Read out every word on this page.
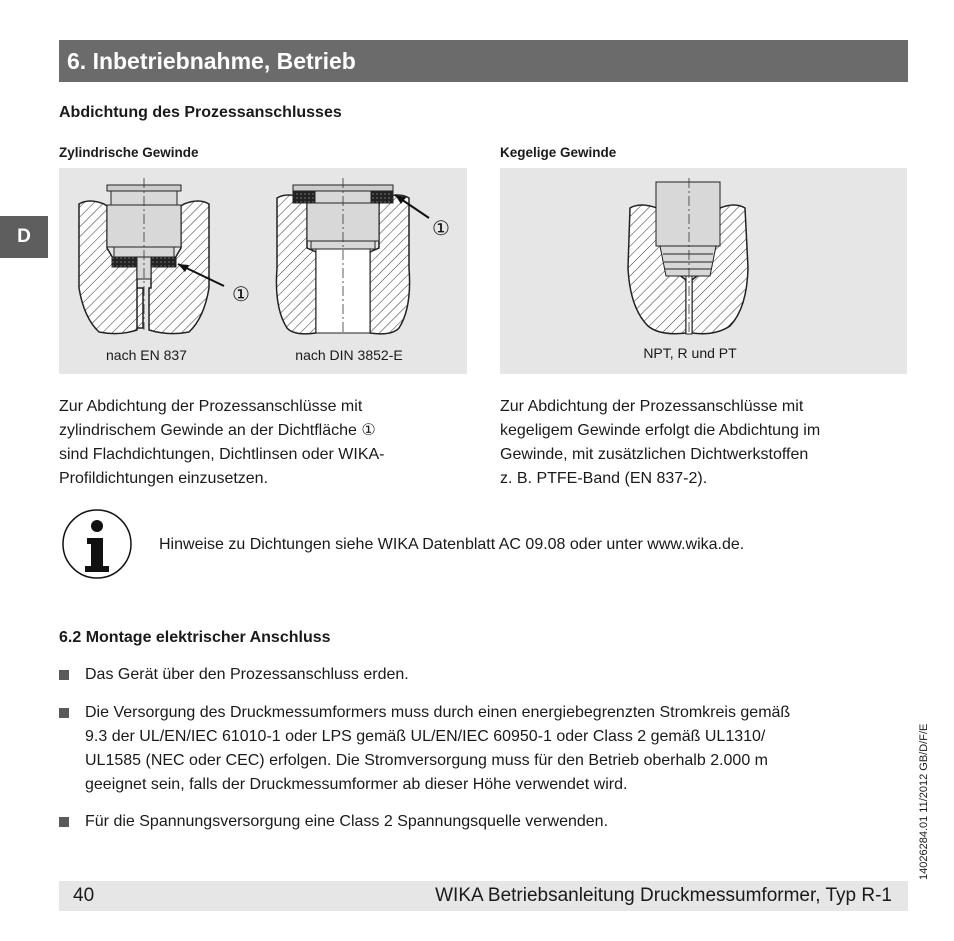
6. Inbetriebnahme, Betrieb
D
Abdichtung des Prozessanschlusses
Zylindrische Gewinde
①
①
nach EN 837	nach DIN 3852-E
Kegelige Gewinde
NPT, R und PT
Zur Abdichtung der Prozessanschlüsse mit
zylindrischem Gewinde an der Dichtfläche ①
sind Flachdichtungen, Dichtlinsen oder WIKA-
Profildichtungen einzusetzen.
Zur Abdichtung der Prozessanschlüsse mit
kegeligem Gewinde erfolgt die Abdichtung im
Gewinde, mit zusätzlichen Dichtwerkstoffen
z. B. PTFE-Band (EN 837-2).
Hinweise zu Dichtungen siehe WIKA Datenblatt AC 09.08 oder unter www.wika.de.
6.2 Montage elektrischer Anschluss
Das Gerät über den Prozessanschluss erden.
Die Versorgung des Druckmessumformers muss durch einen energiebegrenzten Stromkreis gemäß
9.3 der UL/EN/IEC 61010-1 oder LPS gemäß UL/EN/IEC 60950-1 oder Class 2 gemäß UL1310/
UL1585 (NEC oder CEC) erfolgen. Die Stromversorgung muss für den Betrieb oberhalb 2.000 m
geeignet sein, falls der Druckmessumformer ab dieser Höhe verwendet wird.
Für die Spannungsversorgung eine Class 2 Spannungsquelle verwenden.
40	WIKA Betriebsanleitung Druckmessumformer, Typ R-1
14026284.01 11/2012 GB/D/F/E
